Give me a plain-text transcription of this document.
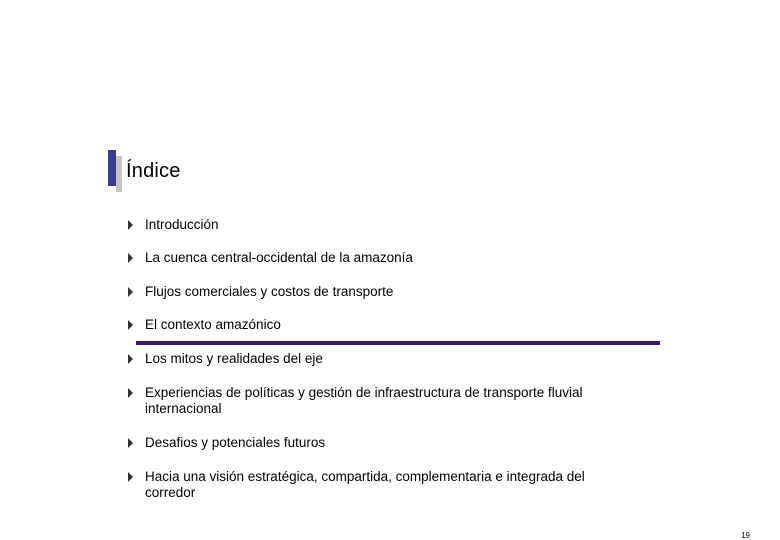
Índice
Introducción
La cuenca central-occidental de la amazonía
Flujos comerciales y costos de transporte
El contexto amazónico
Los mitos y realidades del eje
Experiencias de políticas y gestión de infraestructura de transporte fluvial internacional
Desafios y potenciales futuros
Hacia una visión estratégica, compartida, complementaria e integrada del corredor
19
